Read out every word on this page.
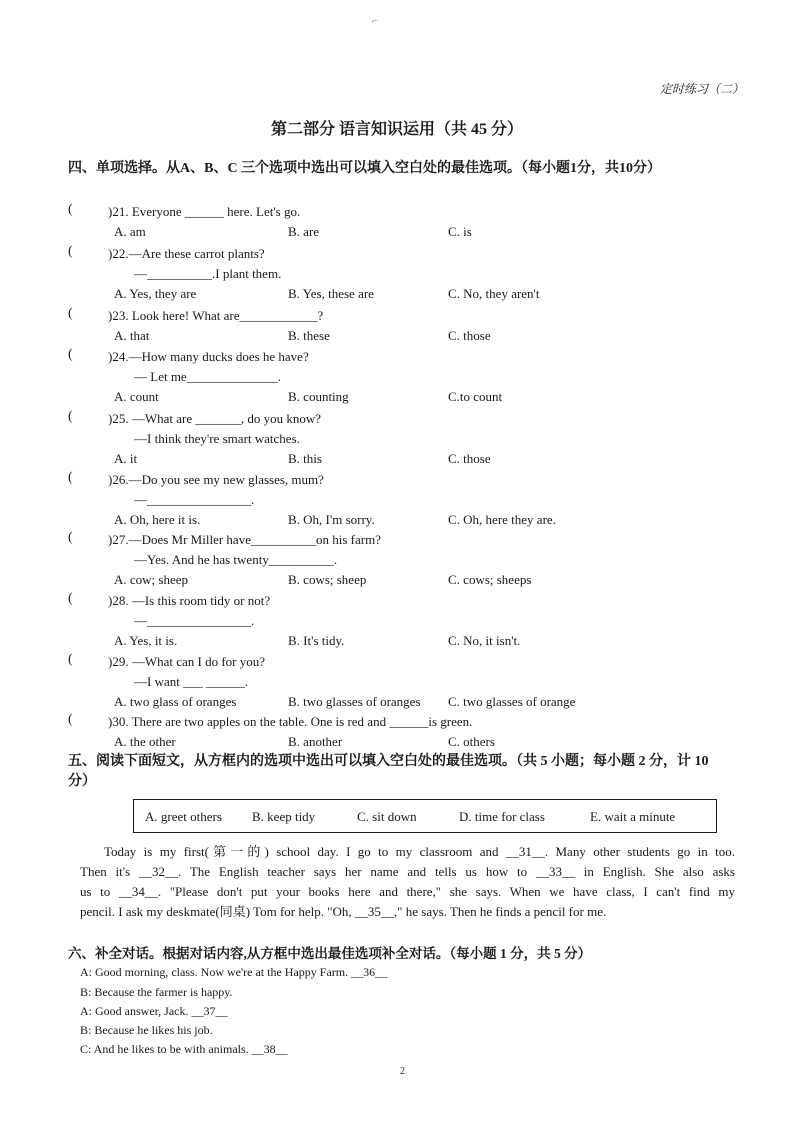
⌐
定时练习（二）
第二部分 语言知识运用（共 45 分）
四、单项选择。从A、B、C 三个选项中选出可以填入空白处的最佳选项。（每小题1分，共10分）
(	)21. Everyone ______ here. Let's go.
A. am	B. are	C. is
(	)22.—Are these carrot plants?
—__________.I plant them.
A. Yes, they are	B. Yes, these are	C. No, they aren't
(	)23. Look here! What are____________?
A. that	B. these	C. those
(	)24.—How many ducks does he have?
— Let me______________.
A. count	B. counting	C.to count
(	)25. —What are _______, do you know?
—I think they're smart watches.
A. it	B. this	C. those
(	)26.—Do you see my new glasses, mum?
—________________.
A. Oh, here it is.	B. Oh, I'm sorry.	C. Oh, here they are.
(	)27.—Does Mr Miller have__________on his farm?
—Yes. And he has twenty__________.
A. cow; sheep	B. cows; sheep	C. cows; sheeps
(	)28. —Is this room tidy or not?
—________________.
A. Yes, it is.	B. It's tidy.	C. No, it isn't.
(	)29. —What can I do for you?
—I want ___ ______.
A. two glass of oranges	B. two glasses of oranges C. two glasses of orange
(	)30. There are two apples on the table. One is red and ______is green.
A. the other	B. another	C. others
五、阅读下面短文，从方框内的选项中选出可以填入空白处的最佳选项。（共 5 小题；每小题 2 分，计 10 分）
A. greet others B. keep tidy	C. sit down	D. time for class	E. wait a minute

Today is my first(第一的) school day. I go to my classroom and __31__. Many other students go in too.

Then it's __32__. The English teacher says her name and tells us how to __33__ in English. She also asks

us to __34__. "Please don't put your books here and there," she says. When we have class, I can't find my

pencil. I ask my deskmate(同桌) Tom for help. "Oh, __35__," he says. Then he finds a pencil for me.

六、补全对话。根据对话内容,从方框中选出最佳选项补全对话。（每小题 1 分，共 5 分）
A: Good morning, class. Now we're at the Happy Farm. __36__
B: Because the farmer is happy.
A: Good answer, Jack. __37__
B: Because he likes his job.
C: And he likes to be with animals. __38__
2
